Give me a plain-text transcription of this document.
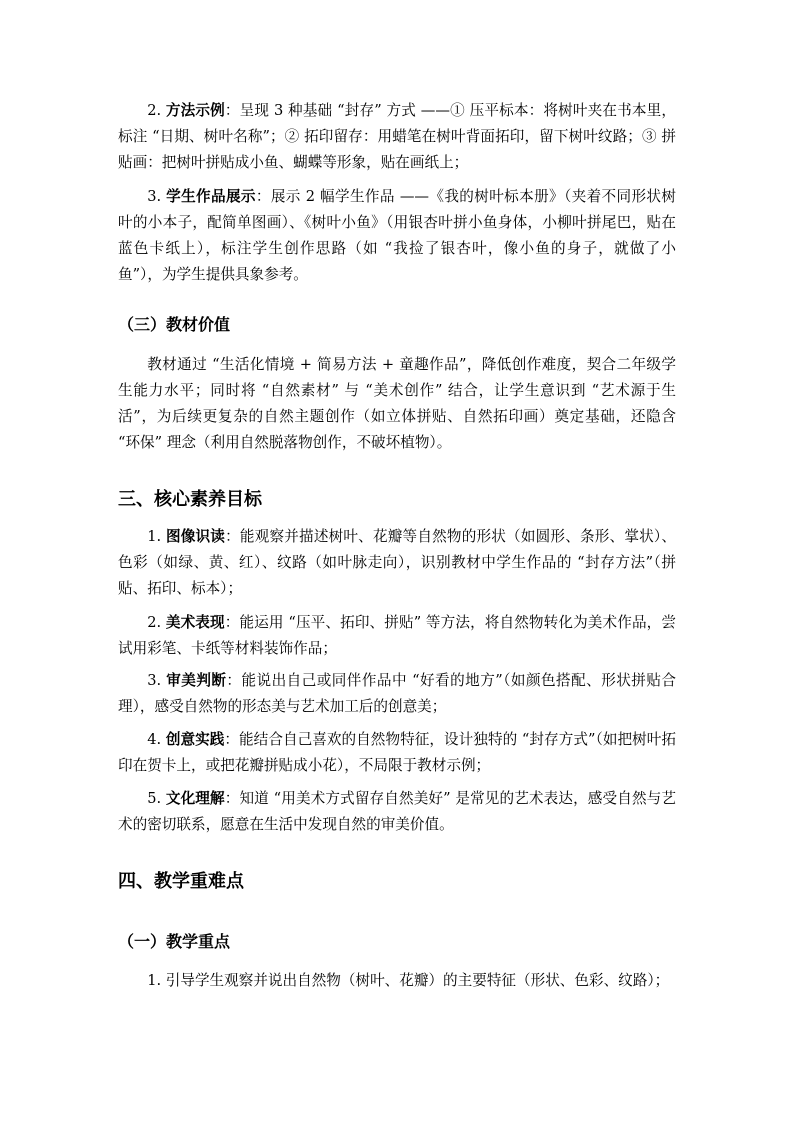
2. 方法示例：呈现 3 种基础 “封存” 方式 ——① 压平标本：将树叶夹在书本里，标注 “日期、树叶名称”；② 拓印留存：用蜡笔在树叶背面拓印，留下树叶纹路；③ 拼贴画：把树叶拼贴成小鱼、蝴蝶等形象，贴在画纸上；

3. 学生作品展示：展示 2 幅学生作品 ——《我的树叶标本册》（夹着不同形状树叶的小本子，配简单图画）、《树叶小鱼》（用银杏叶拼小鱼身体，小柳叶拼尾巴，贴在蓝色卡纸上），标注学生创作思路（如 “我捡了银杏叶，像小鱼的身子，就做了小鱼”），为学生提供具象参考。

（三）教材价值

教材通过 “生活化情境 + 简易方法 + 童趣作品”，降低创作难度，契合二年级学生能力水平；同时将 “自然素材” 与 “美术创作” 结合，让学生意识到 “艺术源于生活”，为后续更复杂的自然主题创作（如立体拼贴、自然拓印画）奠定基础，还隐含 “环保” 理念（利用自然脱落物创作，不破坏植物）。

三、核心素养目标

1. 图像识读：能观察并描述树叶、花瓣等自然物的形状（如圆形、条形、掌状）、色彩（如绿、黄、红）、纹路（如叶脉走向），识别教材中学生作品的 “封存方法”（拼贴、拓印、标本）；

2. 美术表现：能运用 “压平、拓印、拼贴” 等方法，将自然物转化为美术作品，尝试用彩笔、卡纸等材料装饰作品；

3. 审美判断：能说出自己或同伴作品中 “好看的地方”（如颜色搭配、形状拼贴合理），感受自然物的形态美与艺术加工后的创意美；

4. 创意实践：能结合自己喜欢的自然物特征，设计独特的 “封存方式”（如把树叶拓印在贺卡上，或把花瓣拼贴成小花），不局限于教材示例；

5. 文化理解：知道 “用美术方式留存自然美好” 是常见的艺术表达，感受自然与艺术的密切联系，愿意在生活中发现自然的审美价值。

四、教学重难点
（一）教学重点

1. 引导学生观察并说出自然物（树叶、花瓣）的主要特征（形状、色彩、纹路）；
